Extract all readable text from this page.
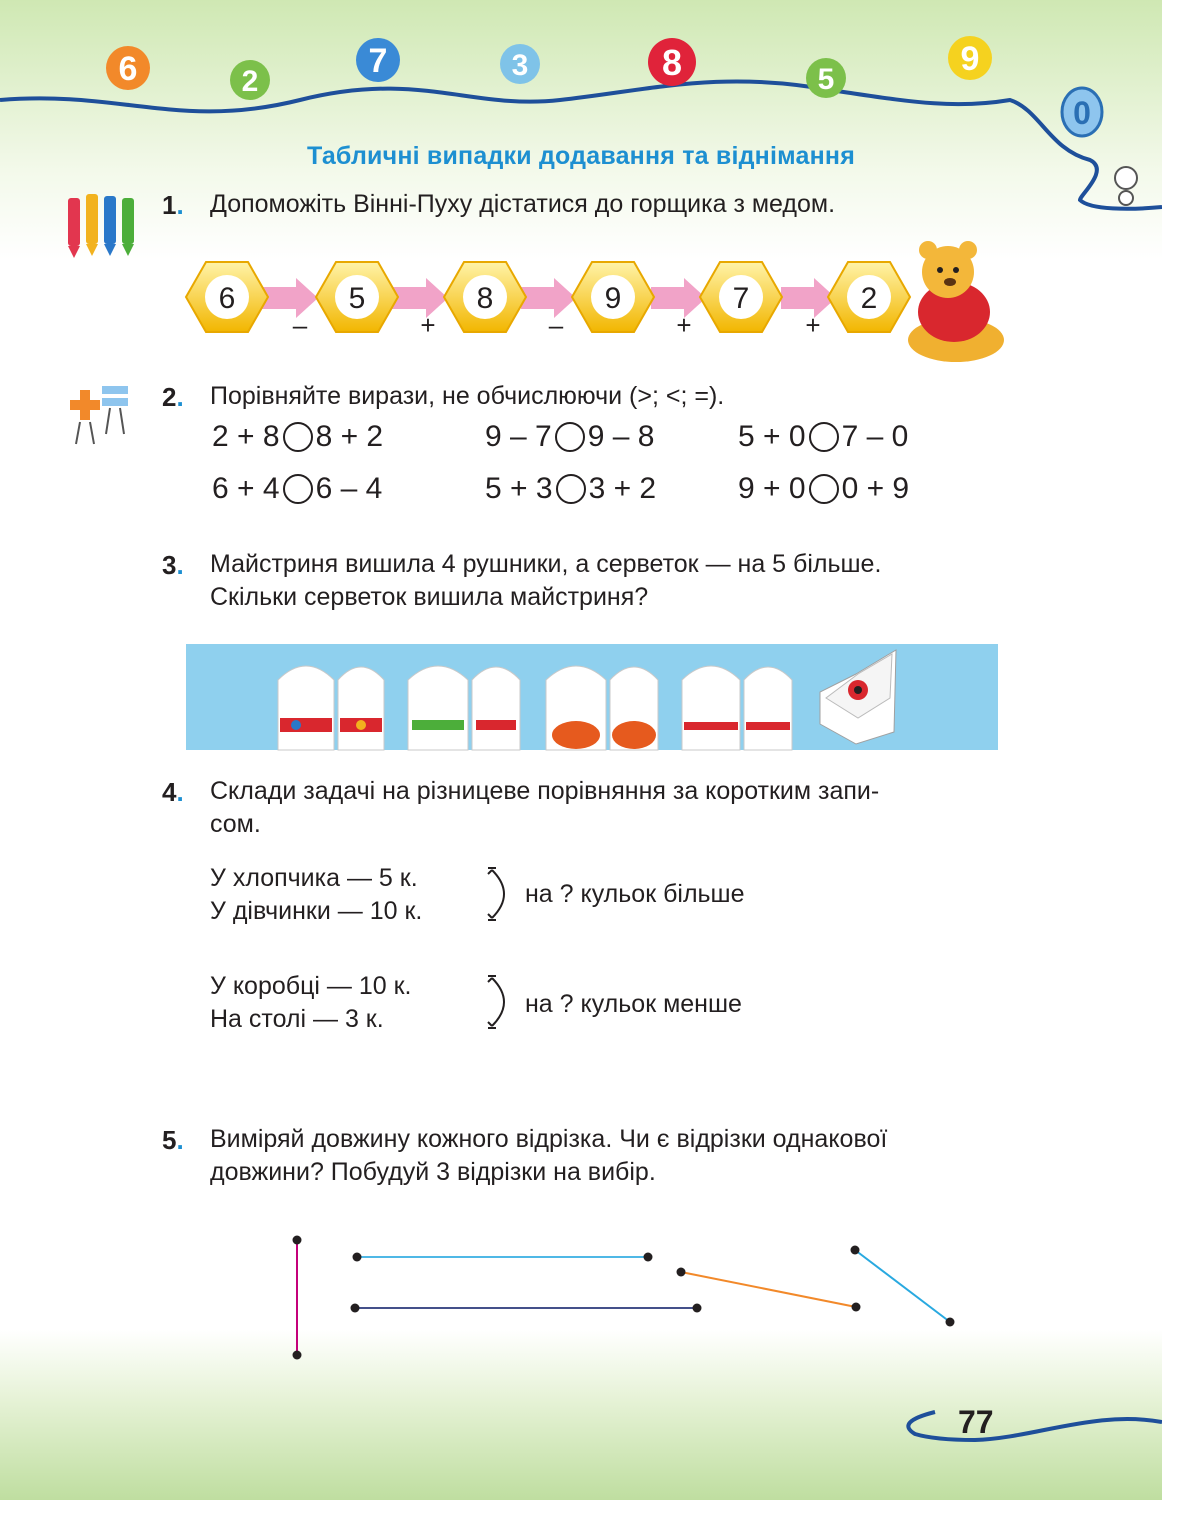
6	2
7	3	8	5
9
0
Табличні випадки додавання та віднімання
1. Допоможіть Вінні-Пуху дістатися до горщика з медом.
–	+	–	+	+
6	5	8	9	7	2
2. Порівняйте вирази, не обчислюючи (>; <; =).
2 + 8 8 + 2	9 – 7 9 – 8	5 + 0 7 – 0
6 + 4 6 – 4	5 + 3 3 + 2	9 + 0 0 + 9
3. Майстриня вишила 4 рушники, а серветок — на 5 більше.
Скільки серветок вишила майстриня?
4. Склади задачі на різницеве порівняння за коротким запи-
сом.
У хлопчика — 5 к.
У дівчинки — 10 к.
на ? кульок більше
У коробці — 10 к.
На столі — 3 к.
на ? кульок менше
5. Виміряй довжину кожного відрізка. Чи є відрізки однакової
довжини? Побудуй 3 відрізки на вибір.
77
